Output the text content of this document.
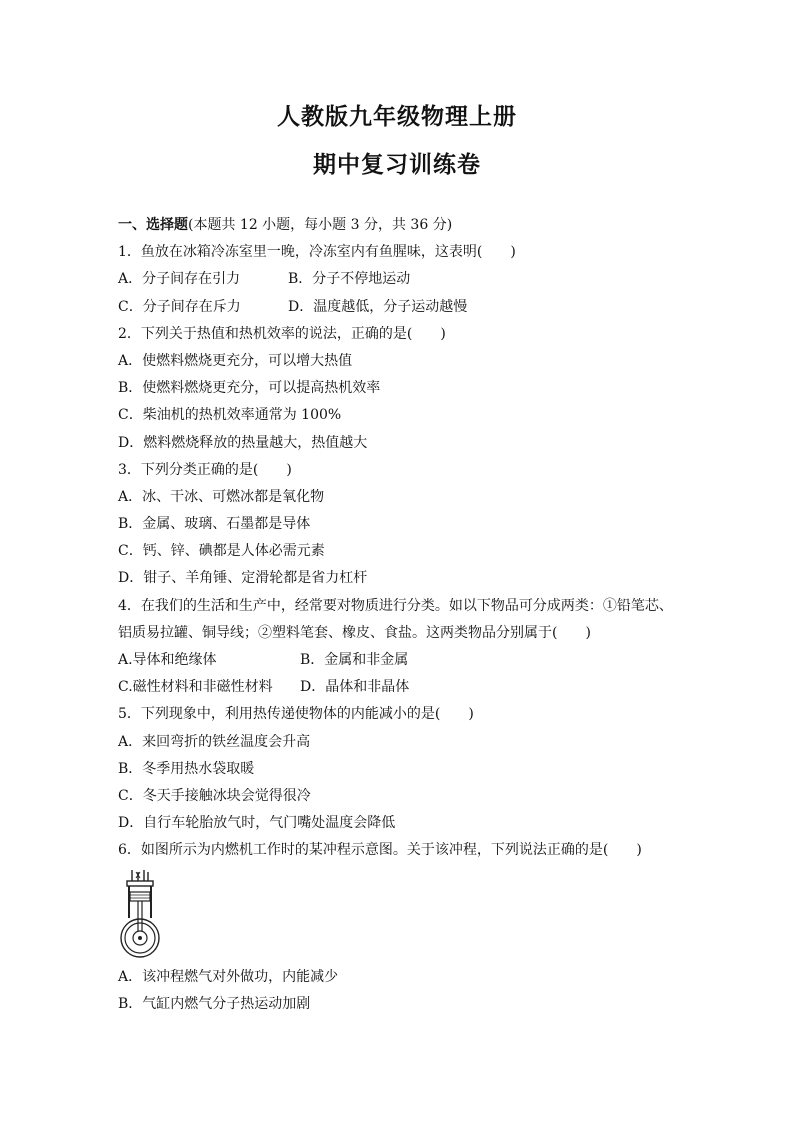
人教版九年级物理上册
期中复习训练卷
一、选择题(本题共 12 小题，每小题 3 分，共 36 分)
1．鱼放在冰箱冷冻室里一晚，冷冻室内有鱼腥味，这表明(　　)
A．分子间存在引力	B．分子不停地运动
C．分子间存在斥力	D．温度越低，分子运动越慢
2．下列关于热值和热机效率的说法，正确的是(　　)
A．使燃料燃烧更充分，可以增大热值
B．使燃料燃烧更充分，可以提高热机效率
C．柴油机的热机效率通常为 100%
D．燃料燃烧释放的热量越大，热值越大
3．下列分类正确的是(　　)
A．冰、干冰、可燃冰都是氧化物
B．金属、玻璃、石墨都是导体
C．钙、锌、碘都是人体必需元素
D．钳子、羊角锤、定滑轮都是省力杠杆
4．在我们的生活和生产中，经常要对物质进行分类。如以下物品可分成两类：①铅笔芯、
铝质易拉罐、铜导线；②塑料笔套、橡皮、食盐。这两类物品分别属于(　　)
A.导体和绝缘体	B．金属和非金属
C.磁性材料和非磁性材料	D．晶体和非晶体
5．下列现象中，利用热传递使物体的内能减小的是(　　)
A．来回弯折的铁丝温度会升高
B．冬季用热水袋取暖
C．冬天手接触冰块会觉得很冷
D．自行车轮胎放气时，气门嘴处温度会降低
6．如图所示为内燃机工作时的某冲程示意图。关于该冲程，下列说法正确的是(　　)
A．该冲程燃气对外做功，内能减少
B．气缸内燃气分子热运动加剧
